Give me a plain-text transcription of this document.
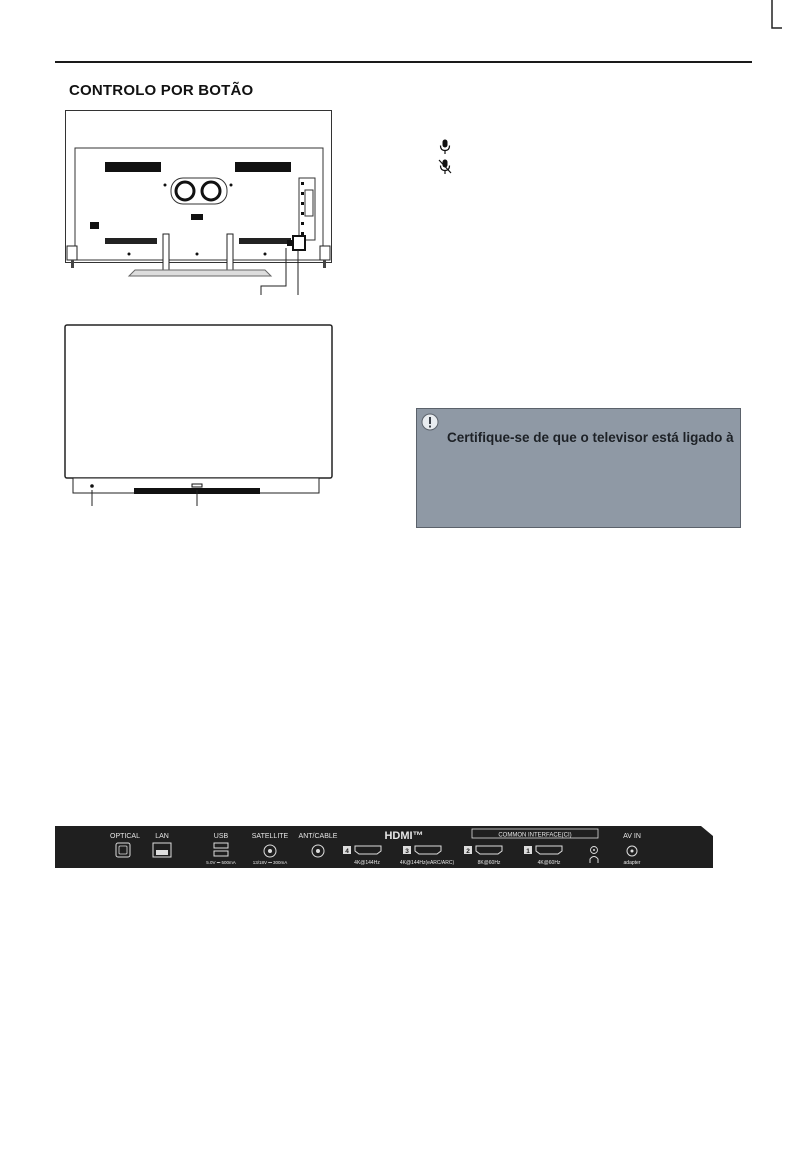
CONTROLO POR BOTÃO
Certifique-se de que o televisor está ligado à
OPTICAL LAN	USB
5.0V ⎓ 500mA
SATELLITE
13/18V ⎓ 300mA
ANT/CABLE	HDMI™
4
4K@144Hz
3
4K@144Hz(eARC/ARC)
COMMON INTERFACE(CI)
2
8K@60Hz
1
4K@60Hz
AV IN
adapter
